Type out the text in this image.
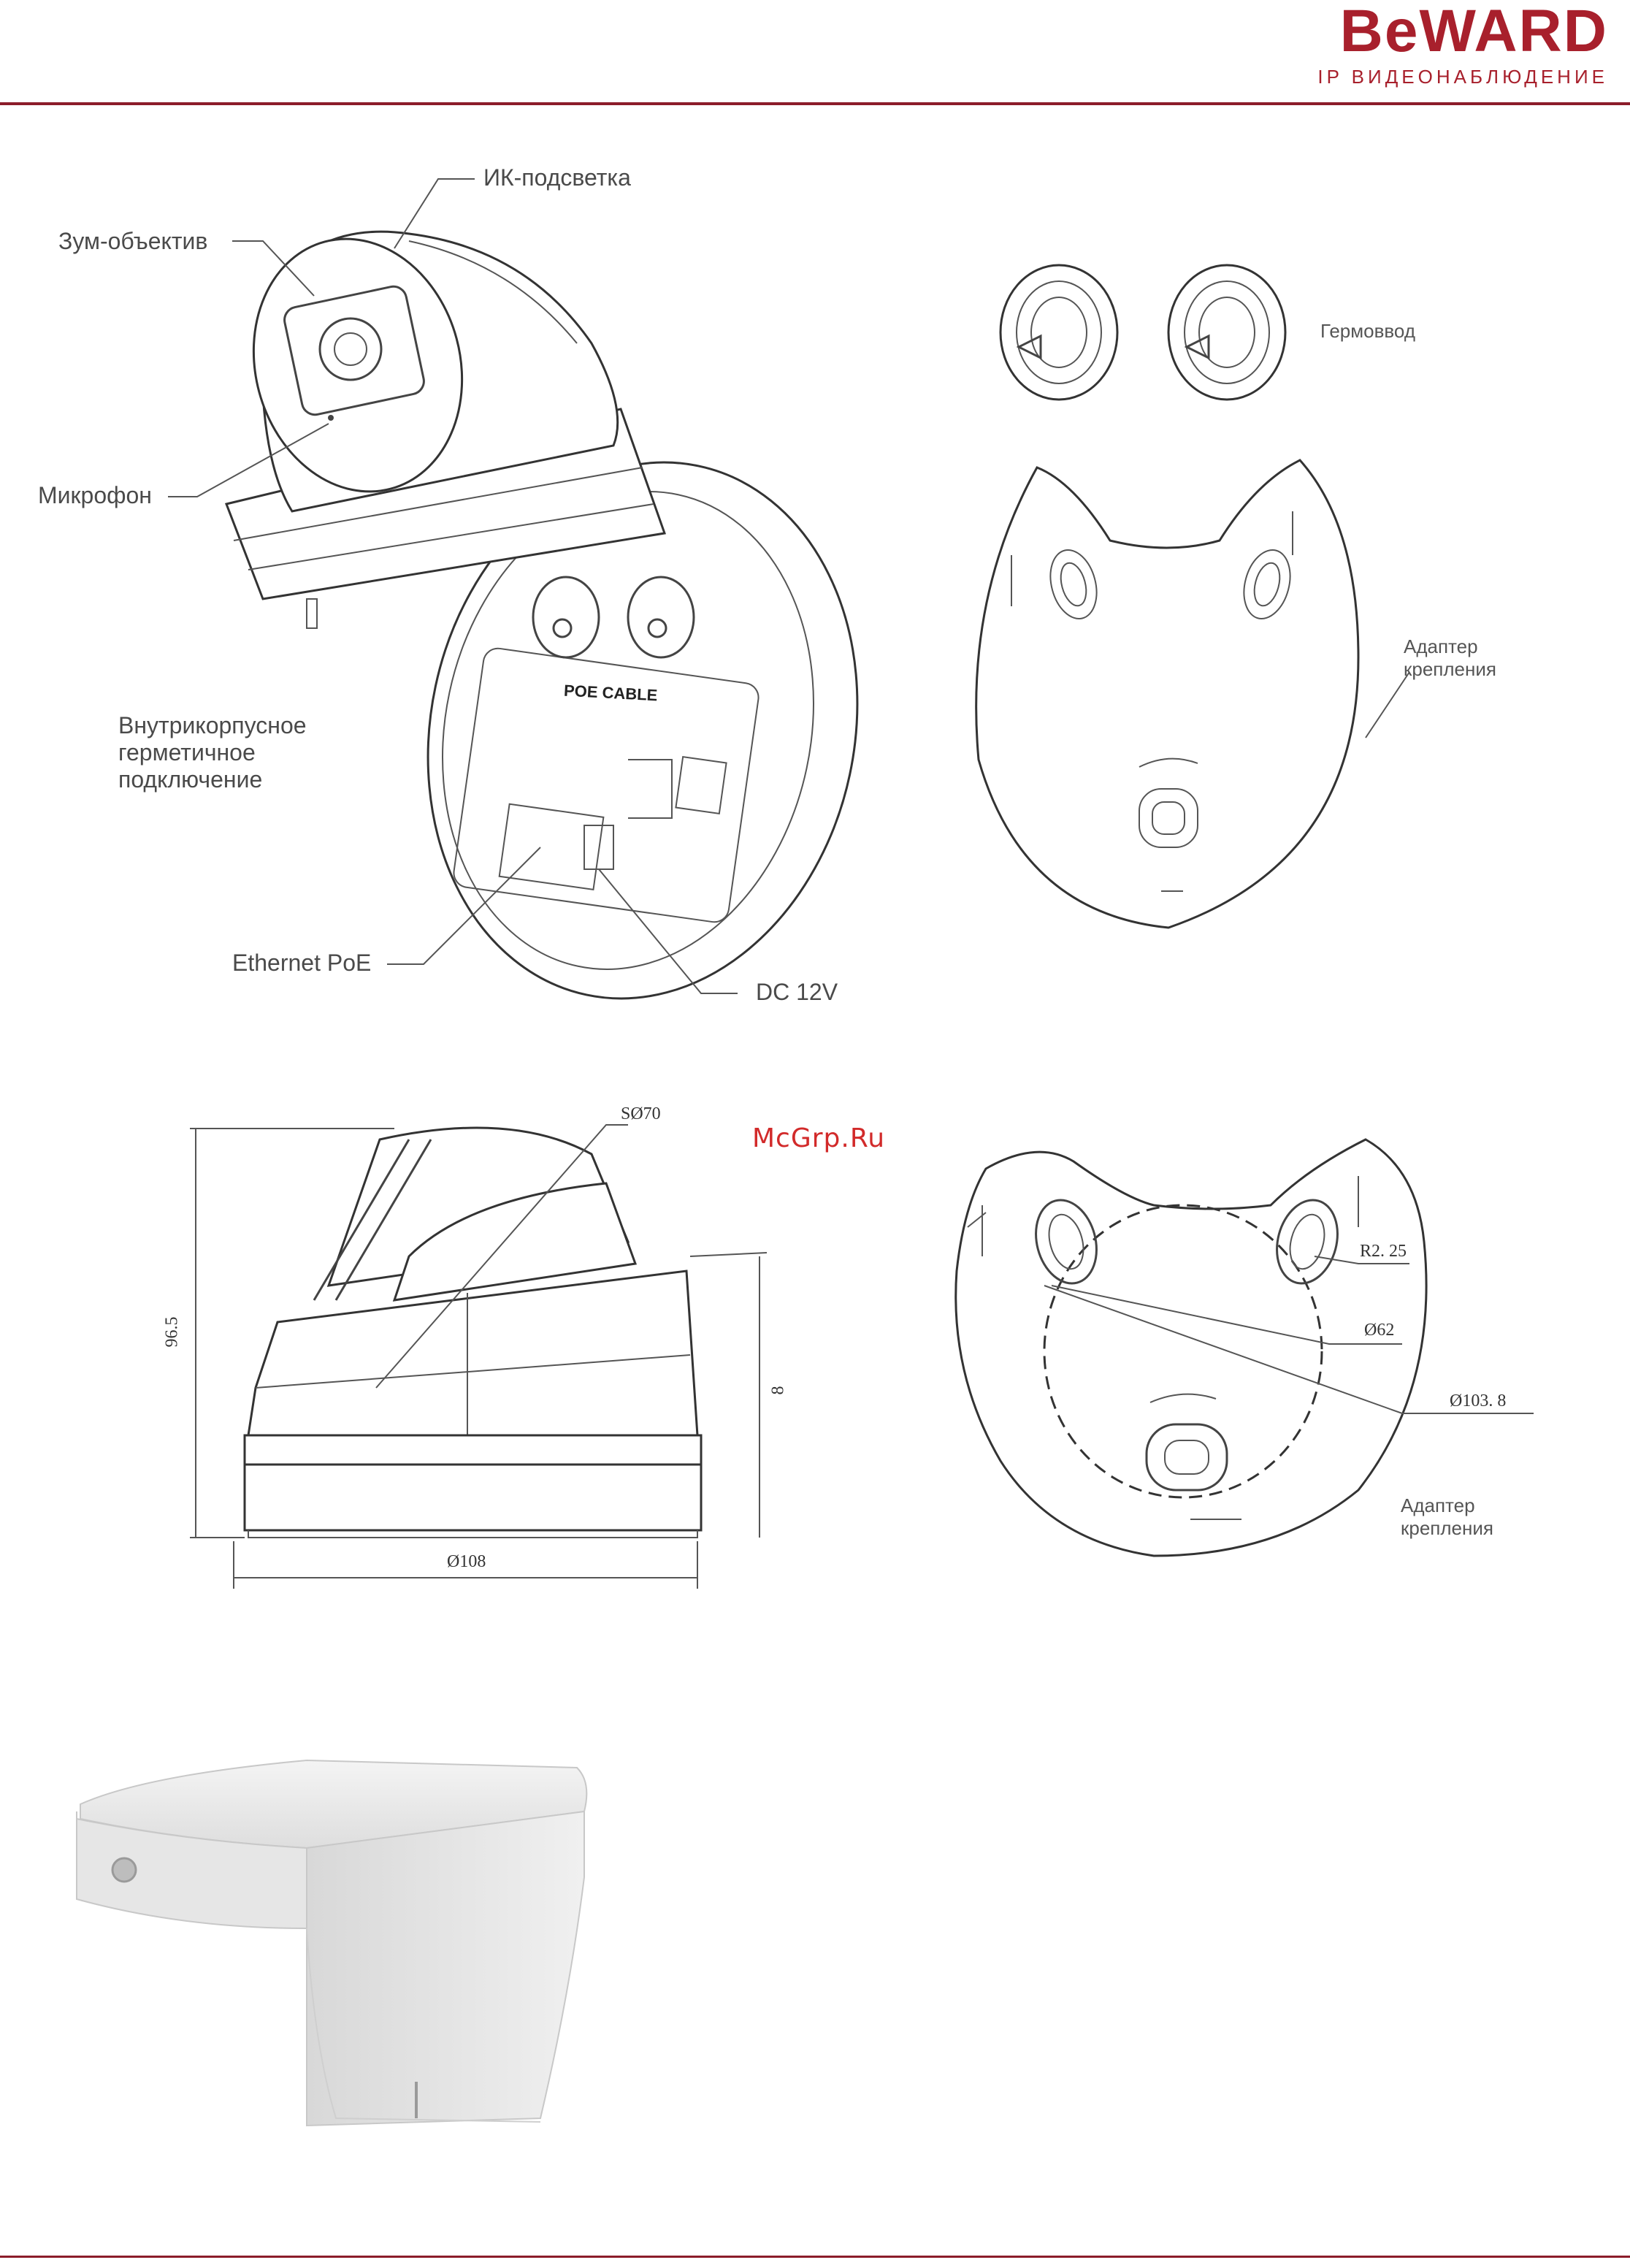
BeWARD
IP ВИДЕОНАБЛЮДЕНИЕ
POE CABLE
ИК-подсветка
Зум-объектив
Микрофон
Внутрикорпусное
герметичное
подключение
Ethernet PoE
DC 12V
Гермоввод
Адаптер
крепления
McGrp.Ru
SØ70
96.5
8
Ø108
R2. 25
Ø62
Ø103. 8
Адаптер
крепления
